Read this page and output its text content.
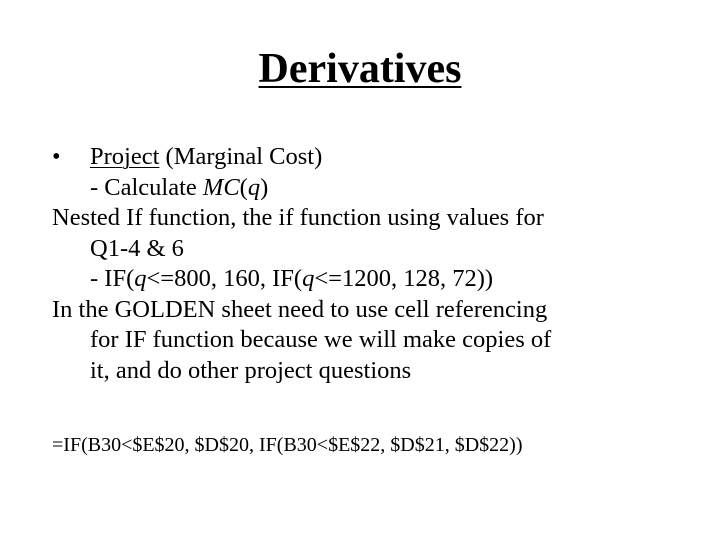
Derivatives
• Project (Marginal Cost)
- Calculate MC(q)
Nested If function, the if function using values for
Q1-4 & 6
- IF(q<=800, 160, IF(q<=1200, 128, 72))
In the GOLDEN sheet need to use cell referencing
for IF function because we will make copies of
it, and do other project questions
=IF(B30<$E$20, $D$20, IF(B30<$E$22, $D$21, $D$22))
